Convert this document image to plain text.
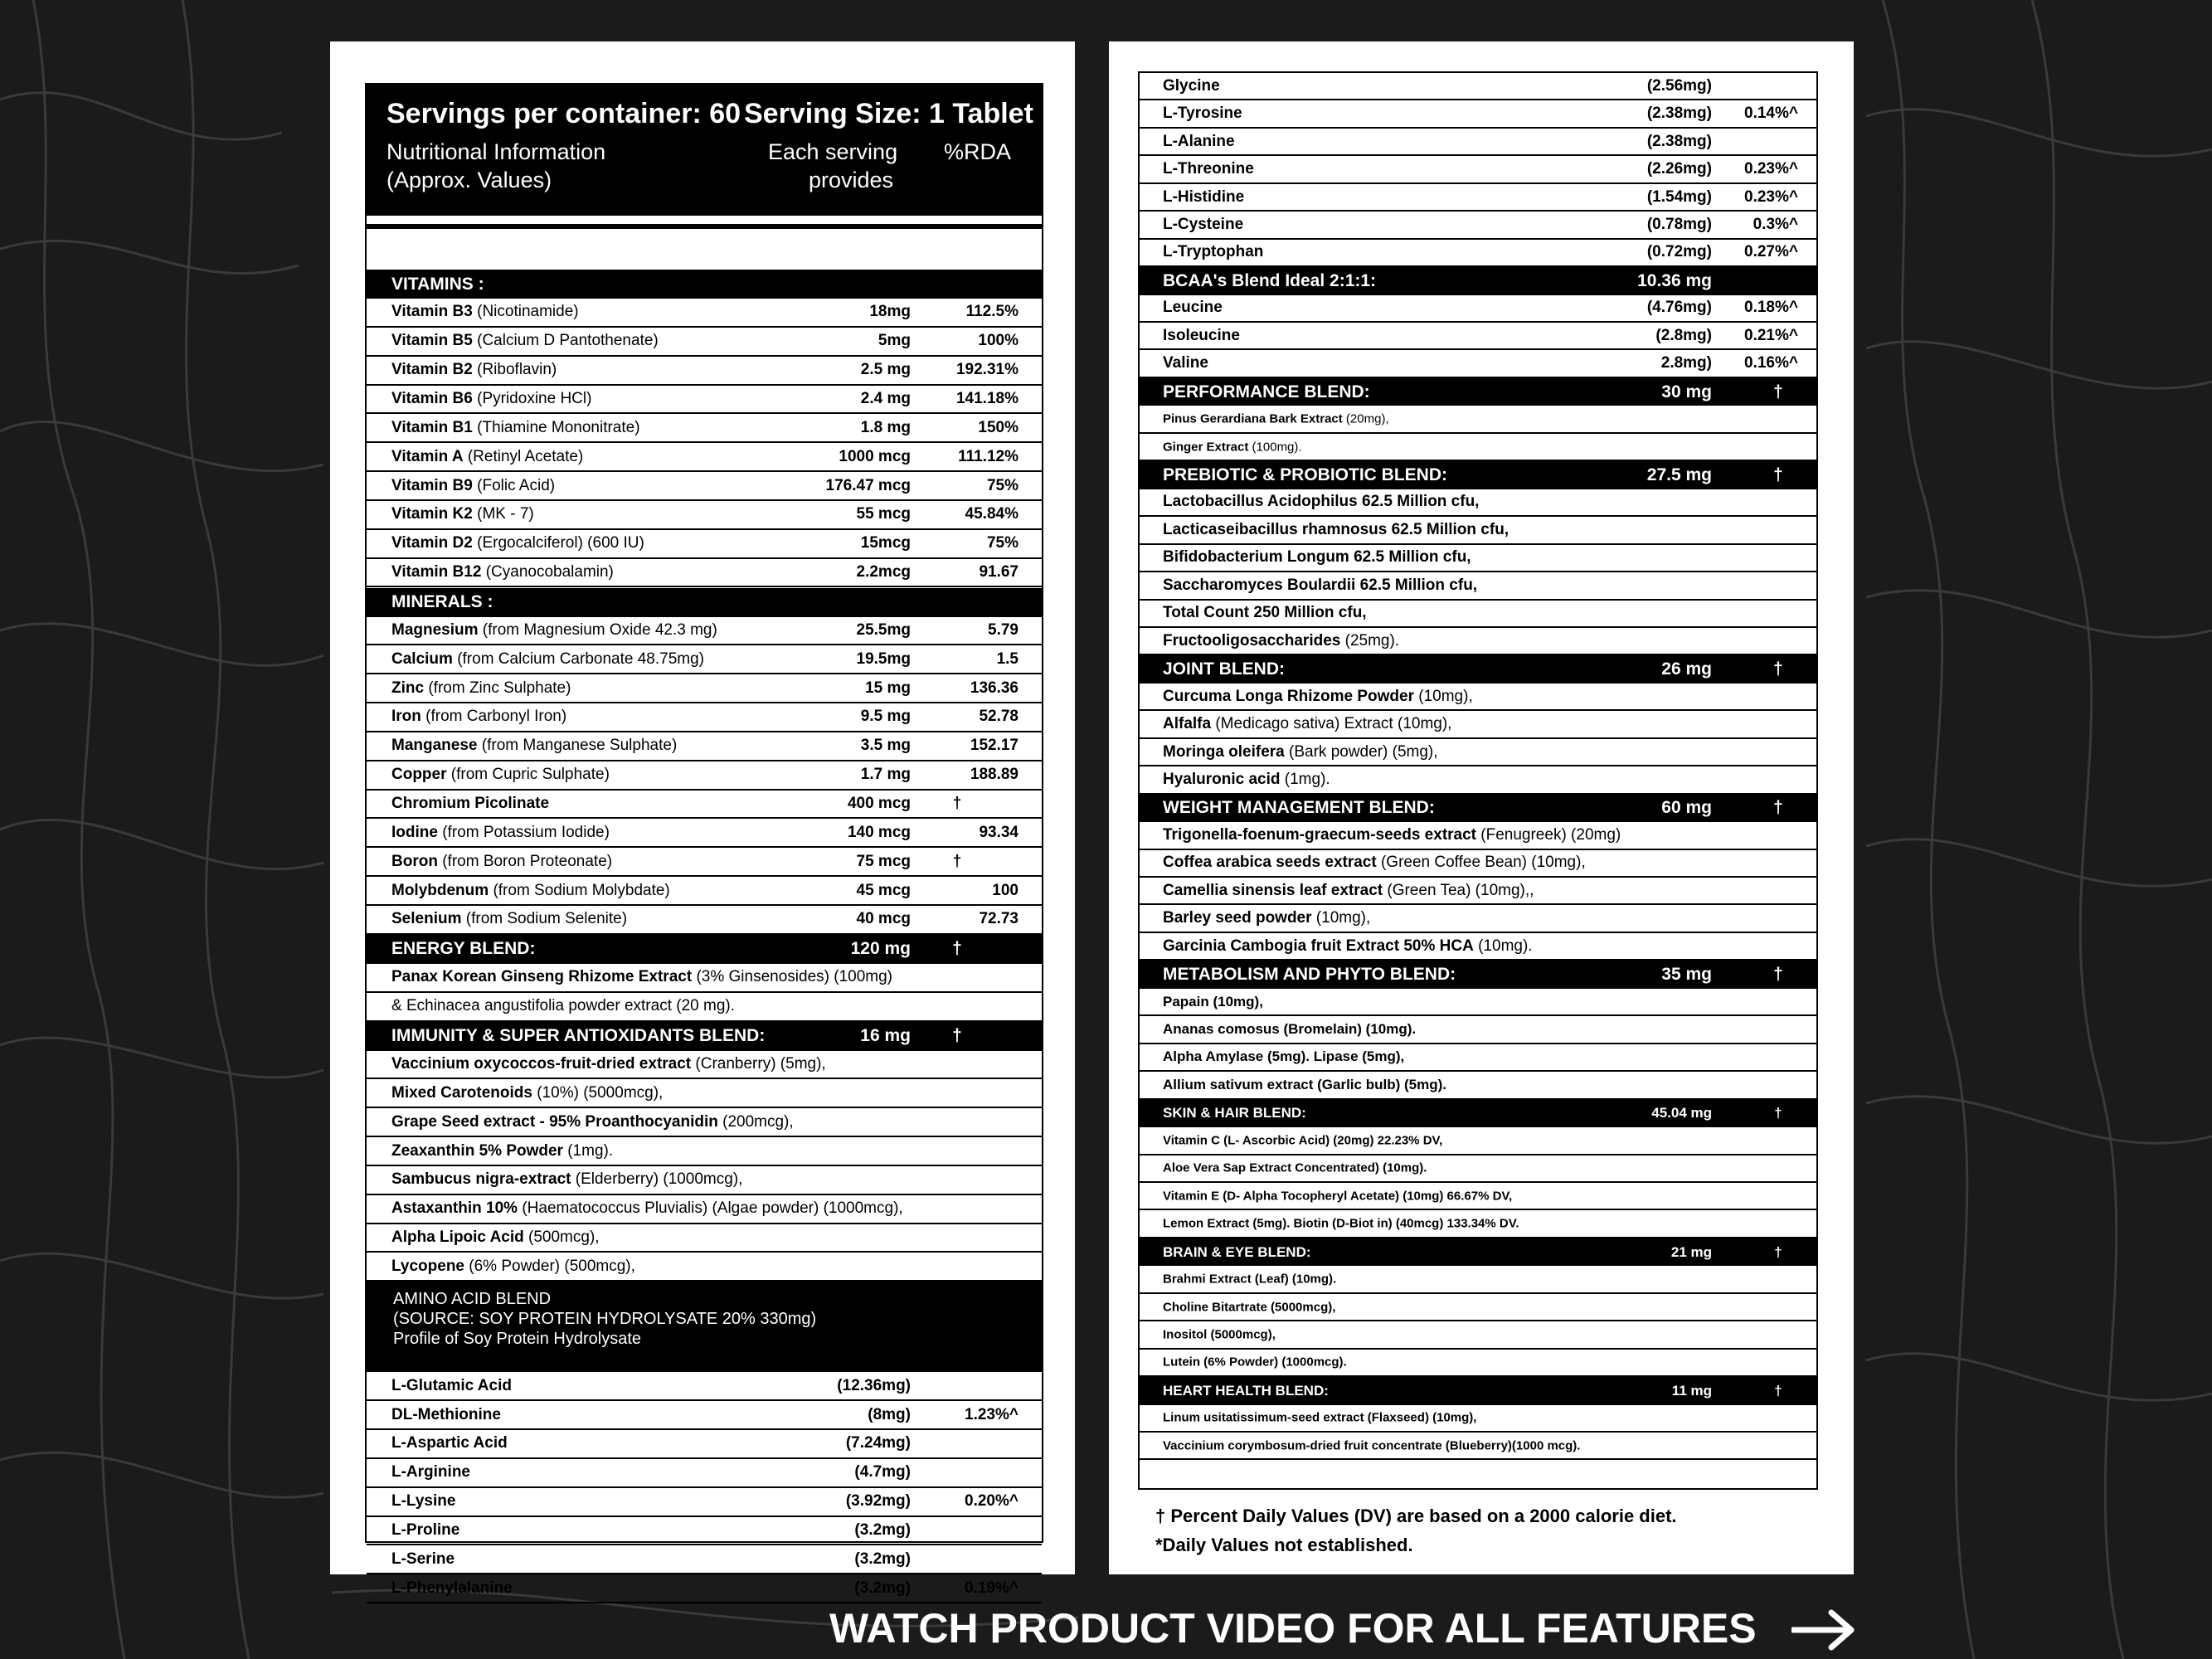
Servings per container: 60 Serving Size: 1 Tablet
Nutritional Information
(Approx. Values)
Each serving
provides
%RDA
VITAMINS :
Vitamin B3 (Nicotinamide)	18mg	112.5%
Vitamin B5 (Calcium D Pantothenate)	5mg	100%
Vitamin B2 (Riboflavin)	2.5 mg	192.31%
Vitamin B6 (Pyridoxine HCl)	2.4 mg	141.18%
Vitamin B1 (Thiamine Mononitrate)	1.8 mg	150%
Vitamin A (Retinyl Acetate)	1000 mcg	111.12%
Vitamin B9 (Folic Acid)	176.47 mcg	75%
Vitamin K2 (MK - 7)	55 mcg	45.84%
Vitamin D2 (Ergocalciferol) (600 IU)	15mcg	75%
Vitamin B12 (Cyanocobalamin)	2.2mcg	91.67
MINERALS :
Magnesium (from Magnesium Oxide 42.3 mg)	25.5mg	5.79
Calcium (from Calcium Carbonate 48.75mg)	19.5mg	1.5
Zinc (from Zinc Sulphate)	15 mg	136.36
Iron (from Carbonyl Iron)	9.5 mg	52.78
Manganese (from Manganese Sulphate)	3.5 mg	152.17
Copper (from Cupric Sulphate)	1.7 mg	188.89
Chromium Picolinate	400 mcg	†
Iodine (from Potassium Iodide)	140 mcg	93.34
Boron (from Boron Proteonate)	75 mcg	†
Molybdenum (from Sodium Molybdate)	45 mcg	100
Selenium (from Sodium Selenite)	40 mcg	72.73
ENERGY BLEND:	120 mg †
Panax Korean Ginseng Rhizome Extract (3% Ginsenosides) (100mg)
& Echinacea angustifolia powder extract (20 mg).
IMMUNITY & SUPER ANTIOXIDANTS BLEND:	16 mg †
Vaccinium oxycoccos-fruit-dried extract (Cranberry) (5mg),
Mixed Carotenoids (10%) (5000mcg),
Grape Seed extract - 95% Proanthocyanidin (200mcg),
Zeaxanthin 5% Powder (1mg).
Sambucus nigra-extract (Elderberry) (1000mcg),
Astaxanthin 10% (Haematococcus Pluvialis) (Algae powder) (1000mcg),
Alpha Lipoic Acid (500mcg),
Lycopene (6% Powder) (500mcg),
AMINO ACID BLEND
(SOURCE: SOY PROTEIN HYDROLYSATE 20% 330mg)
Profile of Soy Protein Hydrolysate
L-Glutamic Acid	(12.36mg)
DL-Methionine	(8mg)	1.23%^
L-Aspartic Acid	(7.24mg)
L-Arginine	(4.7mg)
L-Lysine	(3.92mg)	0.20%^
L-Proline	(3.2mg)
L-Serine	(3.2mg)
L-Phenylalanine	(3.2mg)	0.19%^
Glycine	(2.56mg)
L-Tyrosine	(2.38mg) 0.14%^
L-Alanine	(2.38mg)
L-Threonine	(2.26mg) 0.23%^
L-Histidine	(1.54mg) 0.23%^
L-Cysteine	(0.78mg)	0.3%^
L-Tryptophan	(0.72mg) 0.27%^
BCAA's Blend Ideal 2:1:1:	10.36 mg
Leucine	(4.76mg) 0.18%^
Isoleucine	(2.8mg) 0.21%^
Valine	2.8mg) 0.16%^
PERFORMANCE BLEND:	30 mg	†
Pinus Gerardiana Bark Extract (20mg),
Ginger Extract (100mg).
PREBIOTIC & PROBIOTIC BLEND:	27.5 mg	†
Lactobacillus Acidophilus 62.5 Million cfu,
Lacticaseibacillus rhamnosus 62.5 Million cfu,
Bifidobacterium Longum 62.5 Million cfu,
Saccharomyces Boulardii 62.5 Million cfu,
Total Count 250 Million cfu,
Fructooligosaccharides (25mg).
JOINT BLEND:	26 mg	†
Curcuma Longa Rhizome Powder (10mg),
Alfalfa (Medicago sativa) Extract (10mg),
Moringa oleifera (Bark powder) (5mg),
Hyaluronic acid (1mg).
WEIGHT MANAGEMENT BLEND:	60 mg	†
Trigonella-foenum-graecum-seeds extract (Fenugreek) (20mg)
Coffea arabica seeds extract (Green Coffee Bean) (10mg),
Camellia sinensis leaf extract (Green Tea) (10mg),,
Barley seed powder (10mg),
Garcinia Cambogia fruit Extract 50% HCA (10mg).
METABOLISM AND PHYTO BLEND:	35 mg	†
Papain (10mg),
Ananas comosus (Bromelain) (10mg).
Alpha Amylase (5mg). Lipase (5mg),
Allium sativum extract (Garlic bulb) (5mg).
SKIN & HAIR BLEND:	45.04 mg	†
Vitamin C (L- Ascorbic Acid) (20mg) 22.23% DV,
Aloe Vera Sap Extract Concentrated) (10mg).
Vitamin E (D- Alpha Tocopheryl Acetate) (10mg) 66.67% DV,
Lemon Extract (5mg). Biotin (D-Biot in) (40mcg) 133.34% DV.
BRAIN & EYE BLEND:	21 mg	†
Brahmi Extract (Leaf) (10mg).
Choline Bitartrate (5000mcg),
Inositol (5000mcg),
Lutein (6% Powder) (1000mcg).
HEART HEALTH BLEND:	11 mg	†
Linum usitatissimum-seed extract (Flaxseed) (10mg),
Vaccinium corymbosum-dried fruit concentrate (Blueberry)(1000 mcg).
† Percent Daily Values (DV) are based on a 2000 calorie diet.
*Daily Values not established.
WATCH PRODUCT VIDEO FOR ALL FEATURES
